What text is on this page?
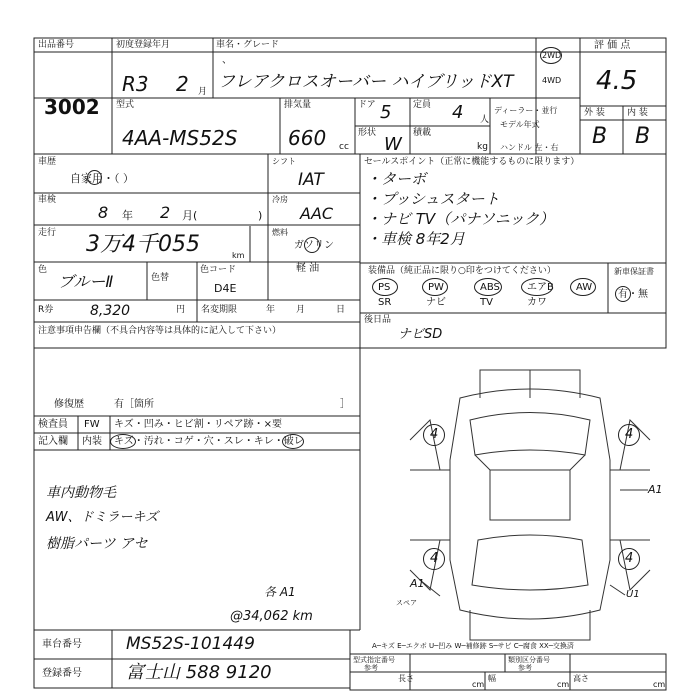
出品番号
3002
初度登録年月
R3 2 月
車名・グレード
、
フレアクロスオーバー ハイブリッドXT
2WD
4WD
評 価 点
4.5
外 装 内 装
B B
型式
4AA-MS52S
排気量
660 cc
ドア 5 定員 4 人
形状
W
積載
kg
ディーラー・並行
モデル年式
ハンドル 左・右
車歴
自家用・（ ）
車検
8 年 2 月(	)
走行 3万4千055	km
色
ブルーⅡ	色替
色コード
D4E
R券	8,320	円 名変期限	年 月	日
シフト
IAT
冷房
AAC
燃料
ガソリン
軽 油
セールスポイント（正常に機能するものに限ります）
・ターボ
・プッシュスタート
・ナビ TV（パナソニック）
・車検 8年2月
装備品（純正品に限り○印をつけてください）
PS	PW	ABS	エアB AW
SR	ナビ	TV	カワ
新車保証書
有・無
後日品
ナビSD
注意事項申告欄（不具合内容等は具体的に記入して下さい）
修復歴	有［箇所	］
検査員
記入欄
FW キズ・凹み・ヒビ割・リペア跡・×要
内装 キズ・汚れ・コゲ・穴・スレ・キレ・破レ
車内動物毛
AW、ドミラーキズ
樹脂パーツ アセ
各 A1
@34,062 km
4	4
4	4
A1
A1
U1
スペア
A─キズ E─エクボ U─凹み W─補修跡 S─サビ C─腐食 XX─交換済
車台番号	MS52S-101449
登録番号 富士山 588 9120
型式指定番号
参考
類別区分番号
参考
長さ
cm
幅
cm
高さ
cm
